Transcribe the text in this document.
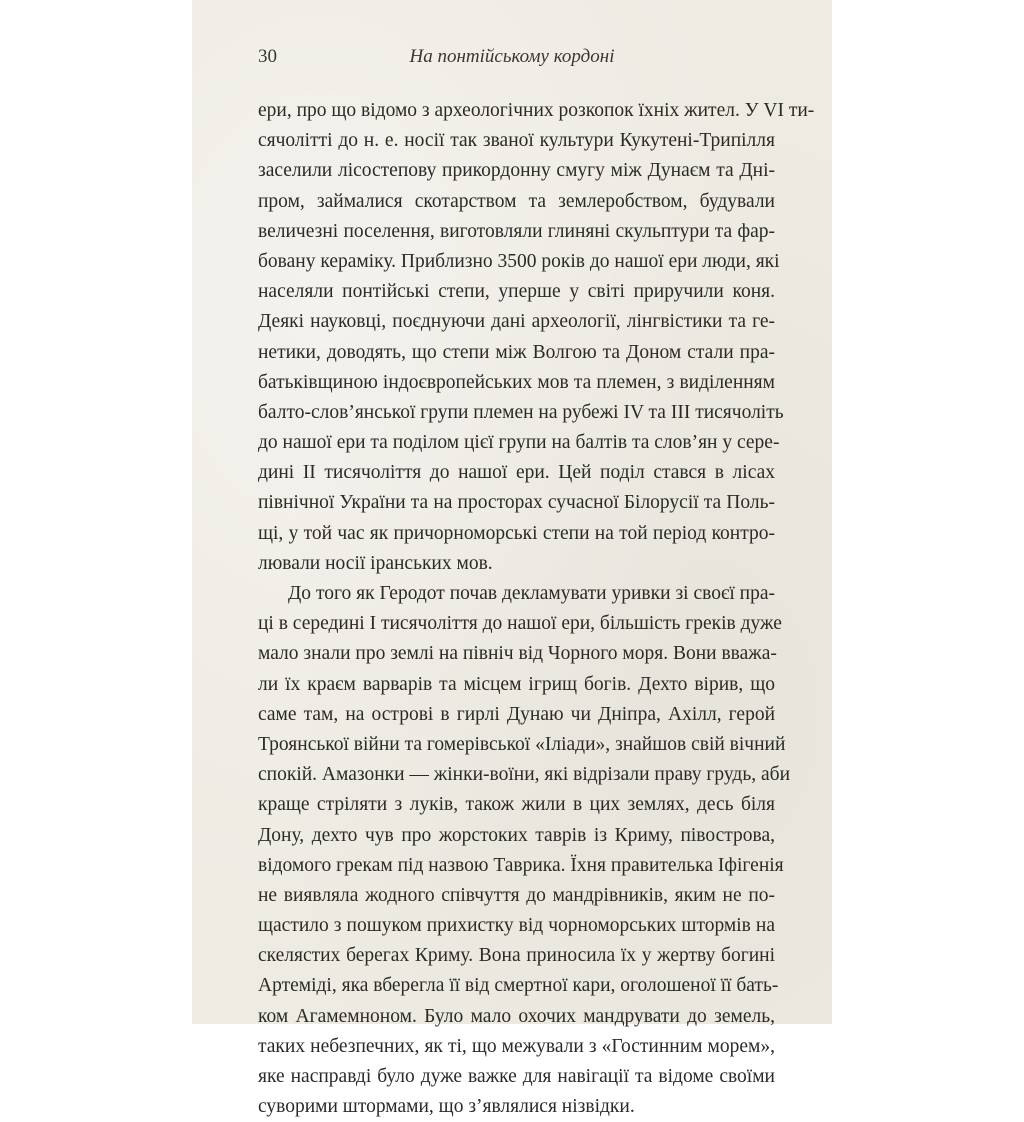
30	На понтійському кордоні
ери, про що відомо з археологічних розкопок їхніх жител. У VI ти-
сячолітті до н. е. носії так званої культури Кукутені-Трипілля
заселили лісостепову прикордонну смугу між Дунаєм та Дні-
пром, займалися скотарством та землеробством, будували
величезні поселення, виготовляли глиняні скульптури та фар-
бовану кераміку. Приблизно 3500 років до нашої ери люди, які
населяли понтійські степи, уперше у світі приручили коня.
Деякі науковці, поєднуючи дані археології, лінгвістики та ге-
нетики, доводять, що степи між Волгою та Доном стали пра-
батьківщиною індоєвропейських мов та племен, з виділенням
балто-слов’янської групи племен на рубежі IV та III тисячоліть
до нашої ери та поділом цієї групи на балтів та слов’ян у сере-
дині II тисячоліття до нашої ери. Цей поділ стався в лісах
північної України та на просторах сучасної Білорусії та Поль-
щі, у той час як причорноморські степи на той період контро-
лювали носії іранських мов.
До того як Геродот почав декламувати уривки зі своєї пра-
ці в середині I тисячоліття до нашої ери, більшість греків дуже
мало знали про землі на північ від Чорного моря. Вони вважа-
ли їх краєм варварів та місцем ігрищ богів. Дехто вірив, що
саме там, на острові в гирлі Дунаю чи Дніпра, Ахілл, герой
Троянської війни та гомерівської «Іліади», знайшов свій вічний
спокій. Амазонки — жінки-воїни, які відрізали праву грудь, аби
краще стріляти з луків, також жили в цих землях, десь біля
Дону, дехто чув про жорстоких таврів із Криму, півострова,
відомого грекам під назвою Таврика. Їхня правителька Іфігенія
не виявляла жодного співчуття до мандрівників, яким не по-
щастило з пошуком прихистку від чорноморських штормів на
скелястих берегах Криму. Вона приносила їх у жертву богині
Артеміді, яка вберегла її від смертної кари, оголошеної її бать-
ком Агамемноном. Було мало охочих мандрувати до земель,
таких небезпечних, як ті, що межували з «Гостинним морем»,
яке насправді було дуже важке для навігації та відоме своїми
суворими штормами, що з’являлися нізвідки.
